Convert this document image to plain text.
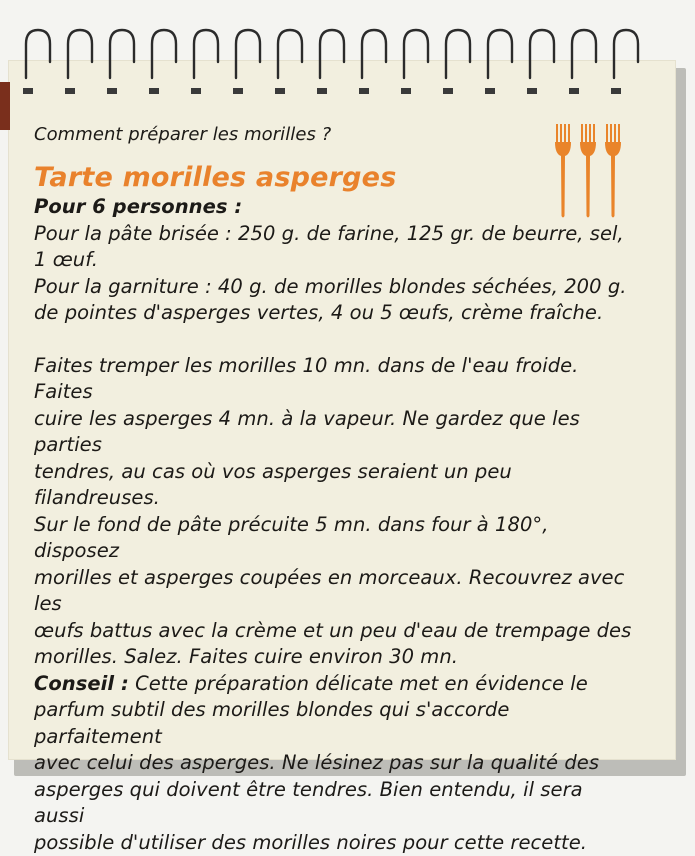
Comment préparer les morilles ?

Tarte morilles asperges

Pour 6 personnes :

Pour la pâte brisée : 250 g. de farine, 125 gr. de beurre, sel,

1 œuf.

Pour la garniture : 40 g. de morilles blondes séchées, 200 g.

de pointes d'asperges vertes, 4 ou 5 œufs, crème fraîche.

Faites tremper les morilles 10 mn. dans de l'eau froide. Faites

cuire les asperges 4 mn. à la vapeur. Ne gardez que les parties

tendres, au cas où vos asperges seraient un peu filandreuses.

Sur le fond de pâte précuite 5 mn. dans four à 180°, disposez

morilles et asperges coupées en morceaux. Recouvrez avec les

œufs battus avec la crème et un peu d'eau de trempage des

morilles. Salez. Faites cuire environ 30 mn.

Conseil : Cette préparation délicate met en évidence le

parfum subtil des morilles blondes qui s'accorde parfaitement

avec celui des asperges. Ne lésinez pas sur la qualité des

asperges qui doivent être tendres. Bien entendu, il sera aussi

possible d'utiliser des morilles noires pour cette recette.
